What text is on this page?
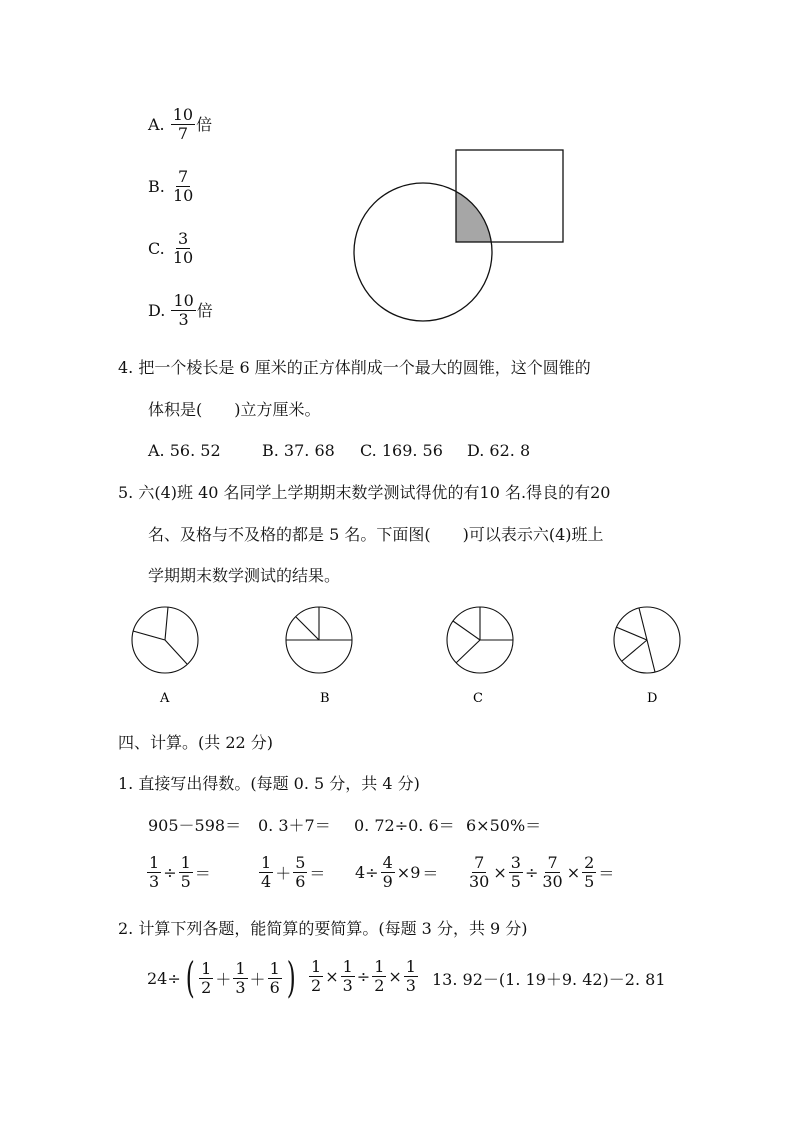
A.
$\frac{10}{7}$ 倍
B.
$\frac{7}{10}$
C.
$\frac{3}{10}$
D.
$\frac{10}{3}$ 倍
4. 把一个棱长是 6 厘米的正方体削成一个最大的圆锥，这个圆锥的
体积是(　　)立方厘米。
A. 56. 52	B. 37. 68 C. 169. 56 D. 62. 8
5. 六(4)班 40 名同学上学期期末数学测试得优的有10 名.得良的有20
名、及格与不及格的都是 5 名。下面图(　　)可以表示六(4)班上
学期期末数学测试的结果。
A	B	C	D
四、计算。(共 22 分)
1. 直接写出得数。(每题 0. 5 分，共 4 分)
905－598＝ 0. 3＋7＝ 0. 72÷0. 6＝ 6×50%＝
$\frac{1}{3} \div \frac{1}{5}$ ＝	$\frac{1}{4} + \frac{5}{6} = 4\div \frac{4}{9} \times 9 = \frac{7}{30} \times \frac{3}{5} \div \frac{7}{30} \times \frac{2}{5}$ ＝
2. 计算下列各题，能简算的要简算。(每题 3 分，共 9 分)
24÷ ( $\frac{1}{2} + \frac{1}{3} + \frac{1}{6}$ ) $\frac{1}{2} \times \frac{1}{3} \div \frac{1}{2} \times \frac{1}{3} 13$. 92－(1. 19＋9. 42)－2. 81
